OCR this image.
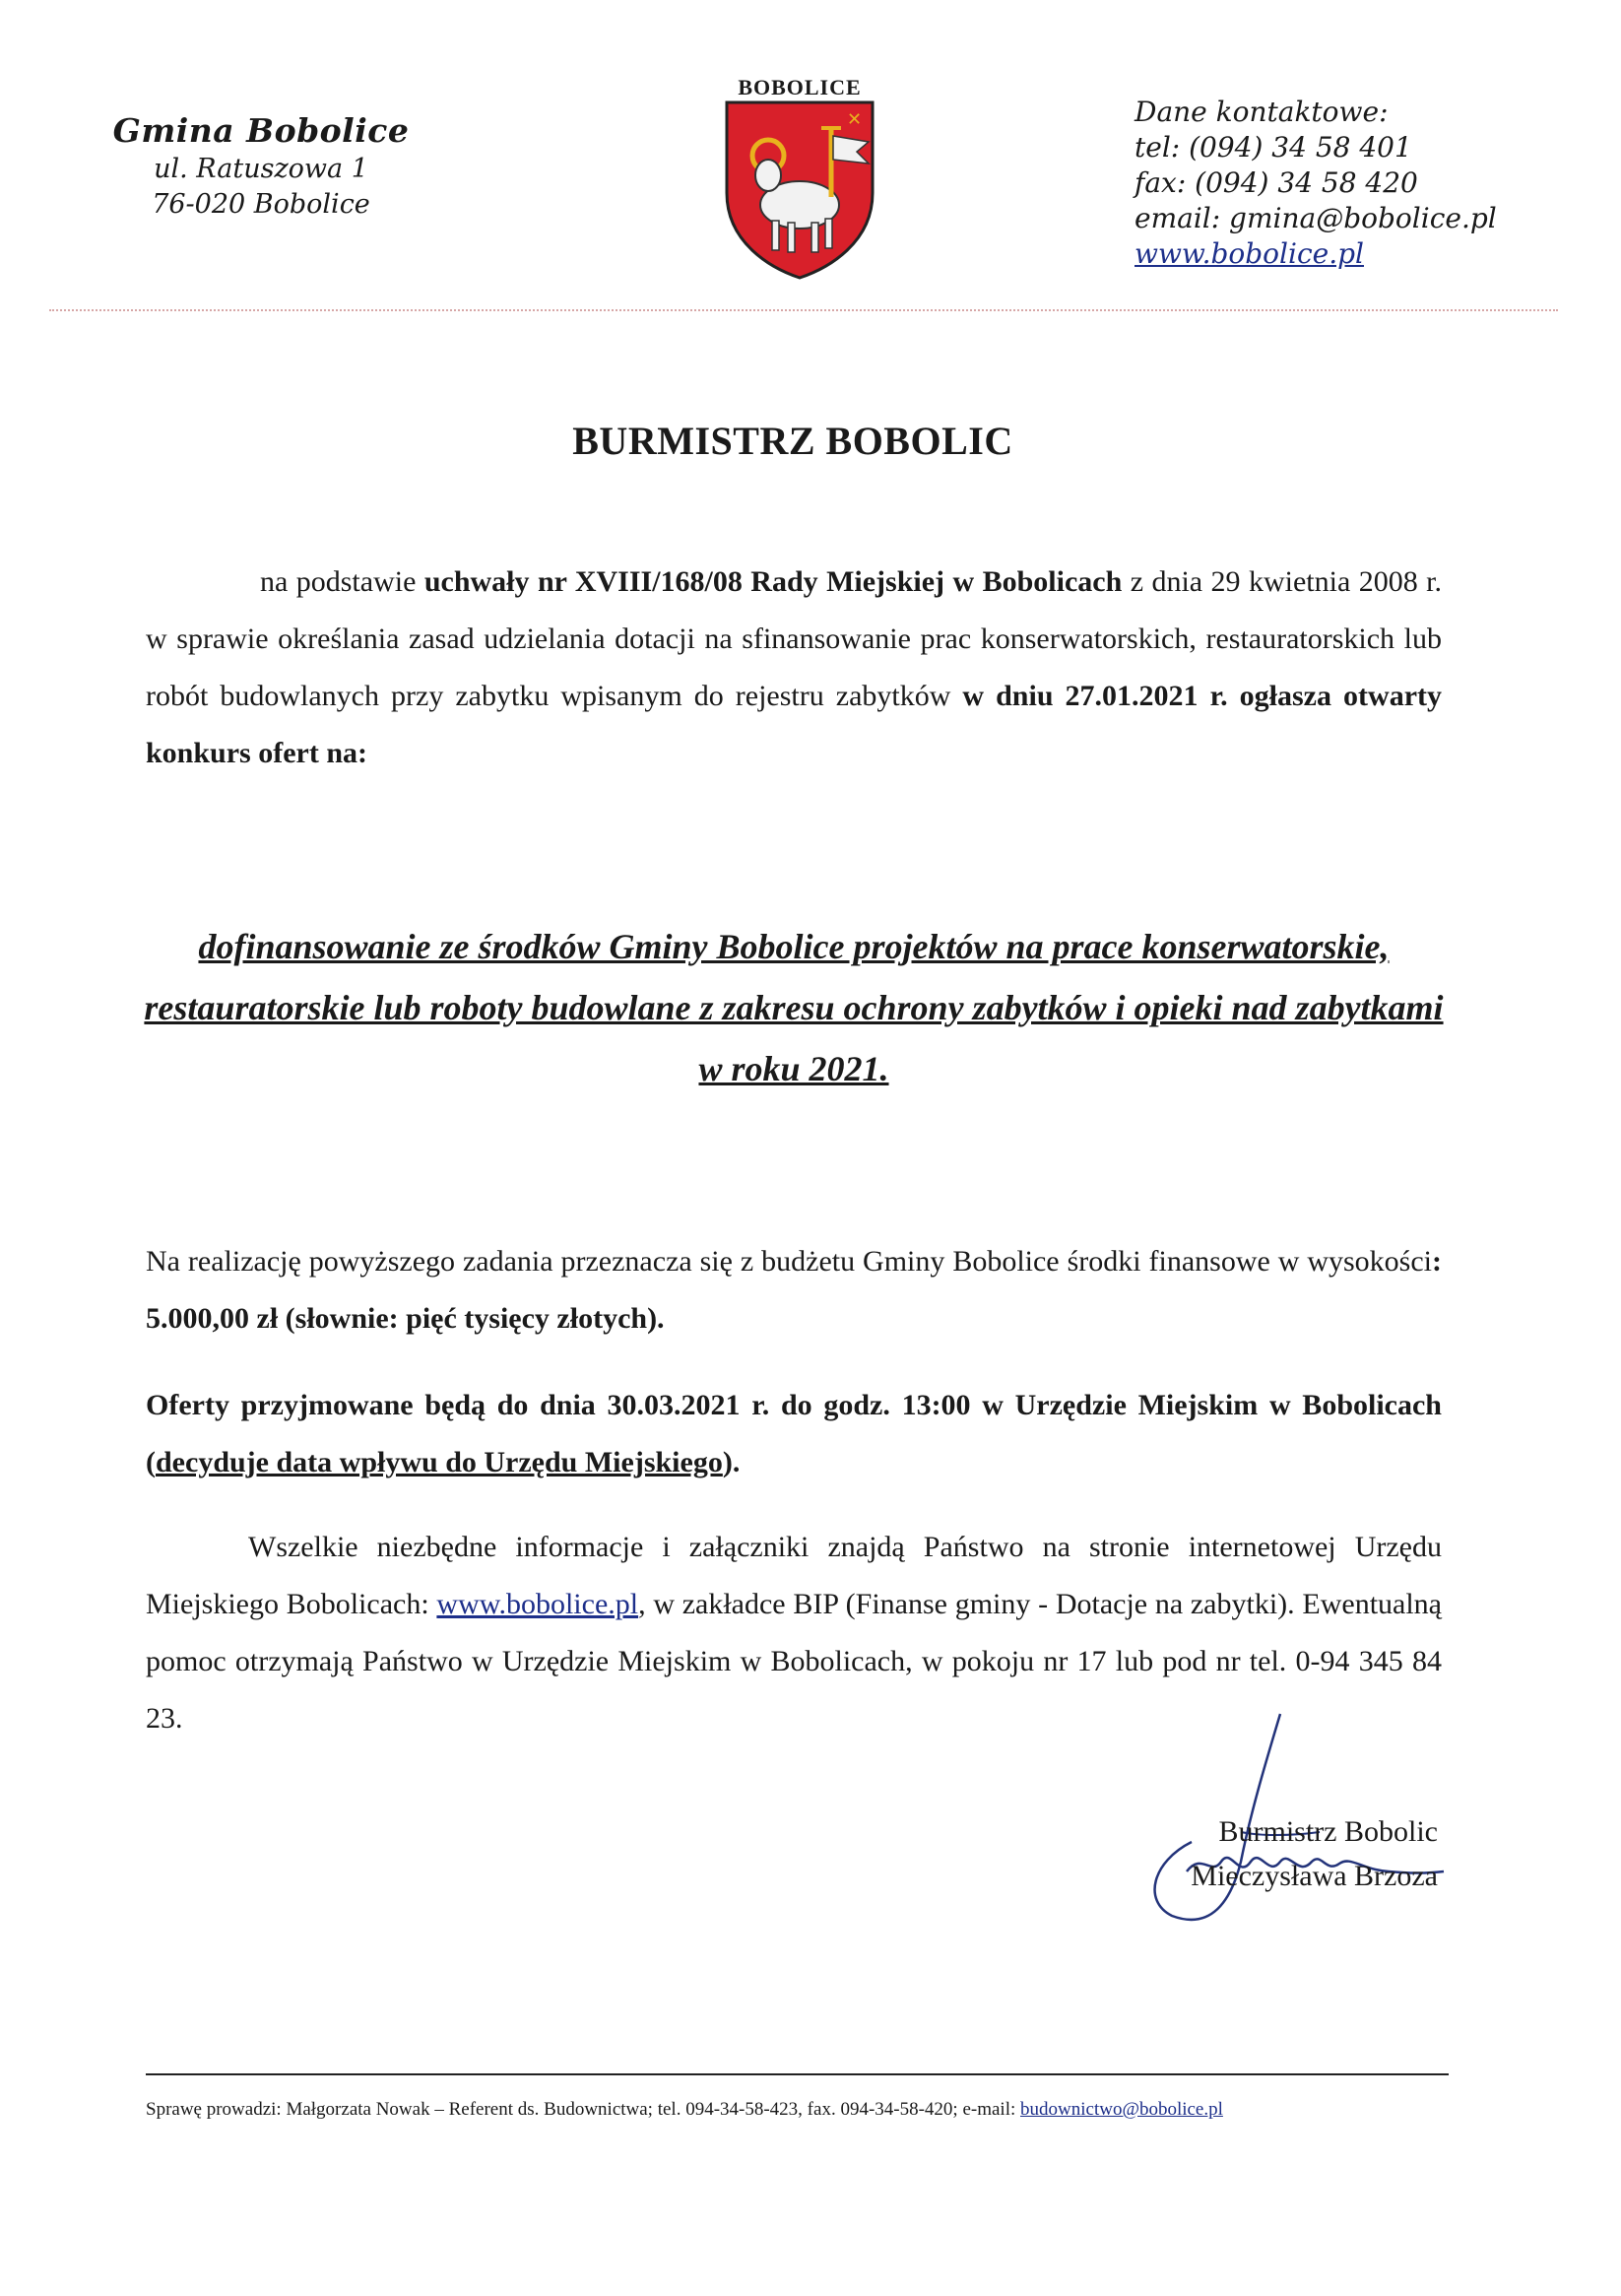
Gmina Bobolice
ul. Ratuszowa 1
76-020 Bobolice
BOBOLICE
✕	Dane kontaktowe:
tel: (094) 34 58 401
fax: (094) 34 58 420
email: gmina@bobolice.pl
www.bobolice.pl
BURMISTRZ BOBOLIC
na podstawie uchwały nr XVIII/168/08 Rady Miejskiej w Bobolicach z dnia 29 kwietnia 2008 r. w sprawie określania zasad udzielania dotacji na sfinansowanie prac konserwatorskich, restauratorskich lub robót budowlanych przy zabytku wpisanym do rejestru zabytków w dniu 27.01.2021 r. ogłasza otwarty konkurs ofert na:
dofinansowanie ze środków Gminy Bobolice projektów na prace konserwatorskie, restauratorskie lub roboty budowlane z zakresu ochrony zabytków i opieki nad zabytkami w roku 2021.
Na realizację powyższego zadania przeznacza się z budżetu Gminy Bobolice środki finansowe w wysokości: 5.000,00 zł (słownie: pięć tysięcy złotych).
Oferty przyjmowane będą do dnia 30.03.2021 r. do godz. 13:00 w Urzędzie Miejskim w Bobolicach (decyduje data wpływu do Urzędu Miejskiego).
Wszelkie niezbędne informacje i załączniki znajdą Państwo na stronie internetowej Urzędu Miejskiego Bobolicach: www.bobolice.pl, w zakładce BIP (Finanse gminy - Dotacje na zabytki). Ewentualną pomoc otrzymają Państwo w Urzędzie Miejskim w Bobolicach, w pokoju nr 17 lub pod nr tel. 0-94 345 84 23.
Burmistrz Bobolic
Mieczysława Brzoza
Sprawę prowadzi: Małgorzata Nowak – Referent ds. Budownictwa; tel. 094-34-58-423, fax. 094-34-58-420; e-mail: budownictwo@bobolice.pl
